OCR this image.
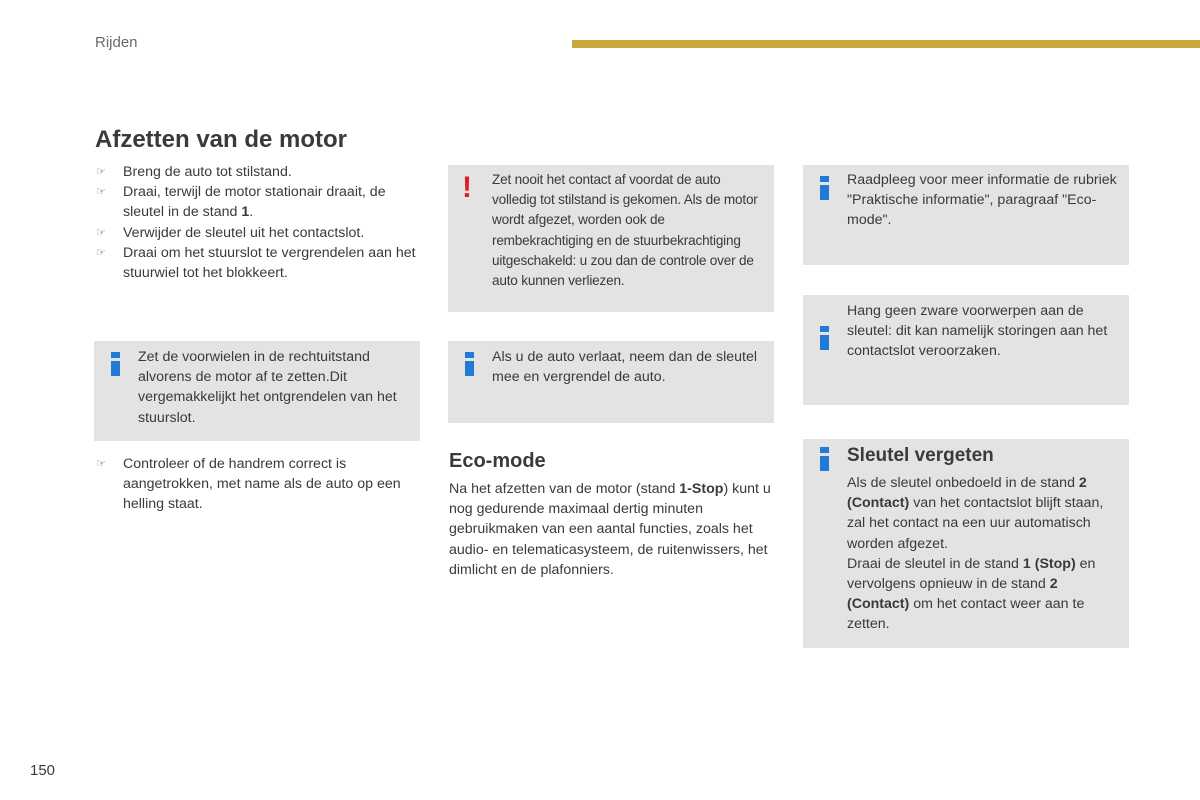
Rijden
Afzetten van de motor
☞ Breng de auto tot stilstand.
☞ Draai, terwijl de motor stationair draait, de sleutel in de stand 1.
☞ Verwijder de sleutel uit het contactslot.
☞ Draai om het stuurslot te vergrendelen aan het stuurwiel tot het blokkeert.
Zet de voorwielen in de rechtuitstand alvorens de motor af te zetten.Dit vergemakkelijkt het ontgrendelen van het stuurslot.
☞ Controleer of de handrem correct is aangetrokken, met name als de auto op een helling staat.
! Zet nooit het contact af voordat de auto volledig tot stilstand is gekomen. Als de motor wordt afgezet, worden ook de rembekrachtiging en de stuurbekrachtiging uitgeschakeld: u zou dan de controle over de auto kunnen verliezen.
Als u de auto verlaat, neem dan de sleutel mee en vergrendel de auto.
Eco-mode
Na het afzetten van de motor (stand 1-Stop) kunt u nog gedurende maximaal dertig minuten gebruikmaken van een aantal functies, zoals het audio- en telematicasysteem, de ruitenwissers, het dimlicht en de plafonniers.
Raadpleeg voor meer informatie de rubriek "Praktische informatie", paragraaf "Eco-mode".
Hang geen zware voorwerpen aan de sleutel: dit kan namelijk storingen aan het contactslot veroorzaken.
Sleutel vergeten
Als de sleutel onbedoeld in de stand 2 (Contact) van het contactslot blijft staan, zal het contact na een uur automatisch worden afgezet.
Draai de sleutel in de stand 1 (Stop) en vervolgens opnieuw in de stand 2 (Contact) om het contact weer aan te zetten.
150
